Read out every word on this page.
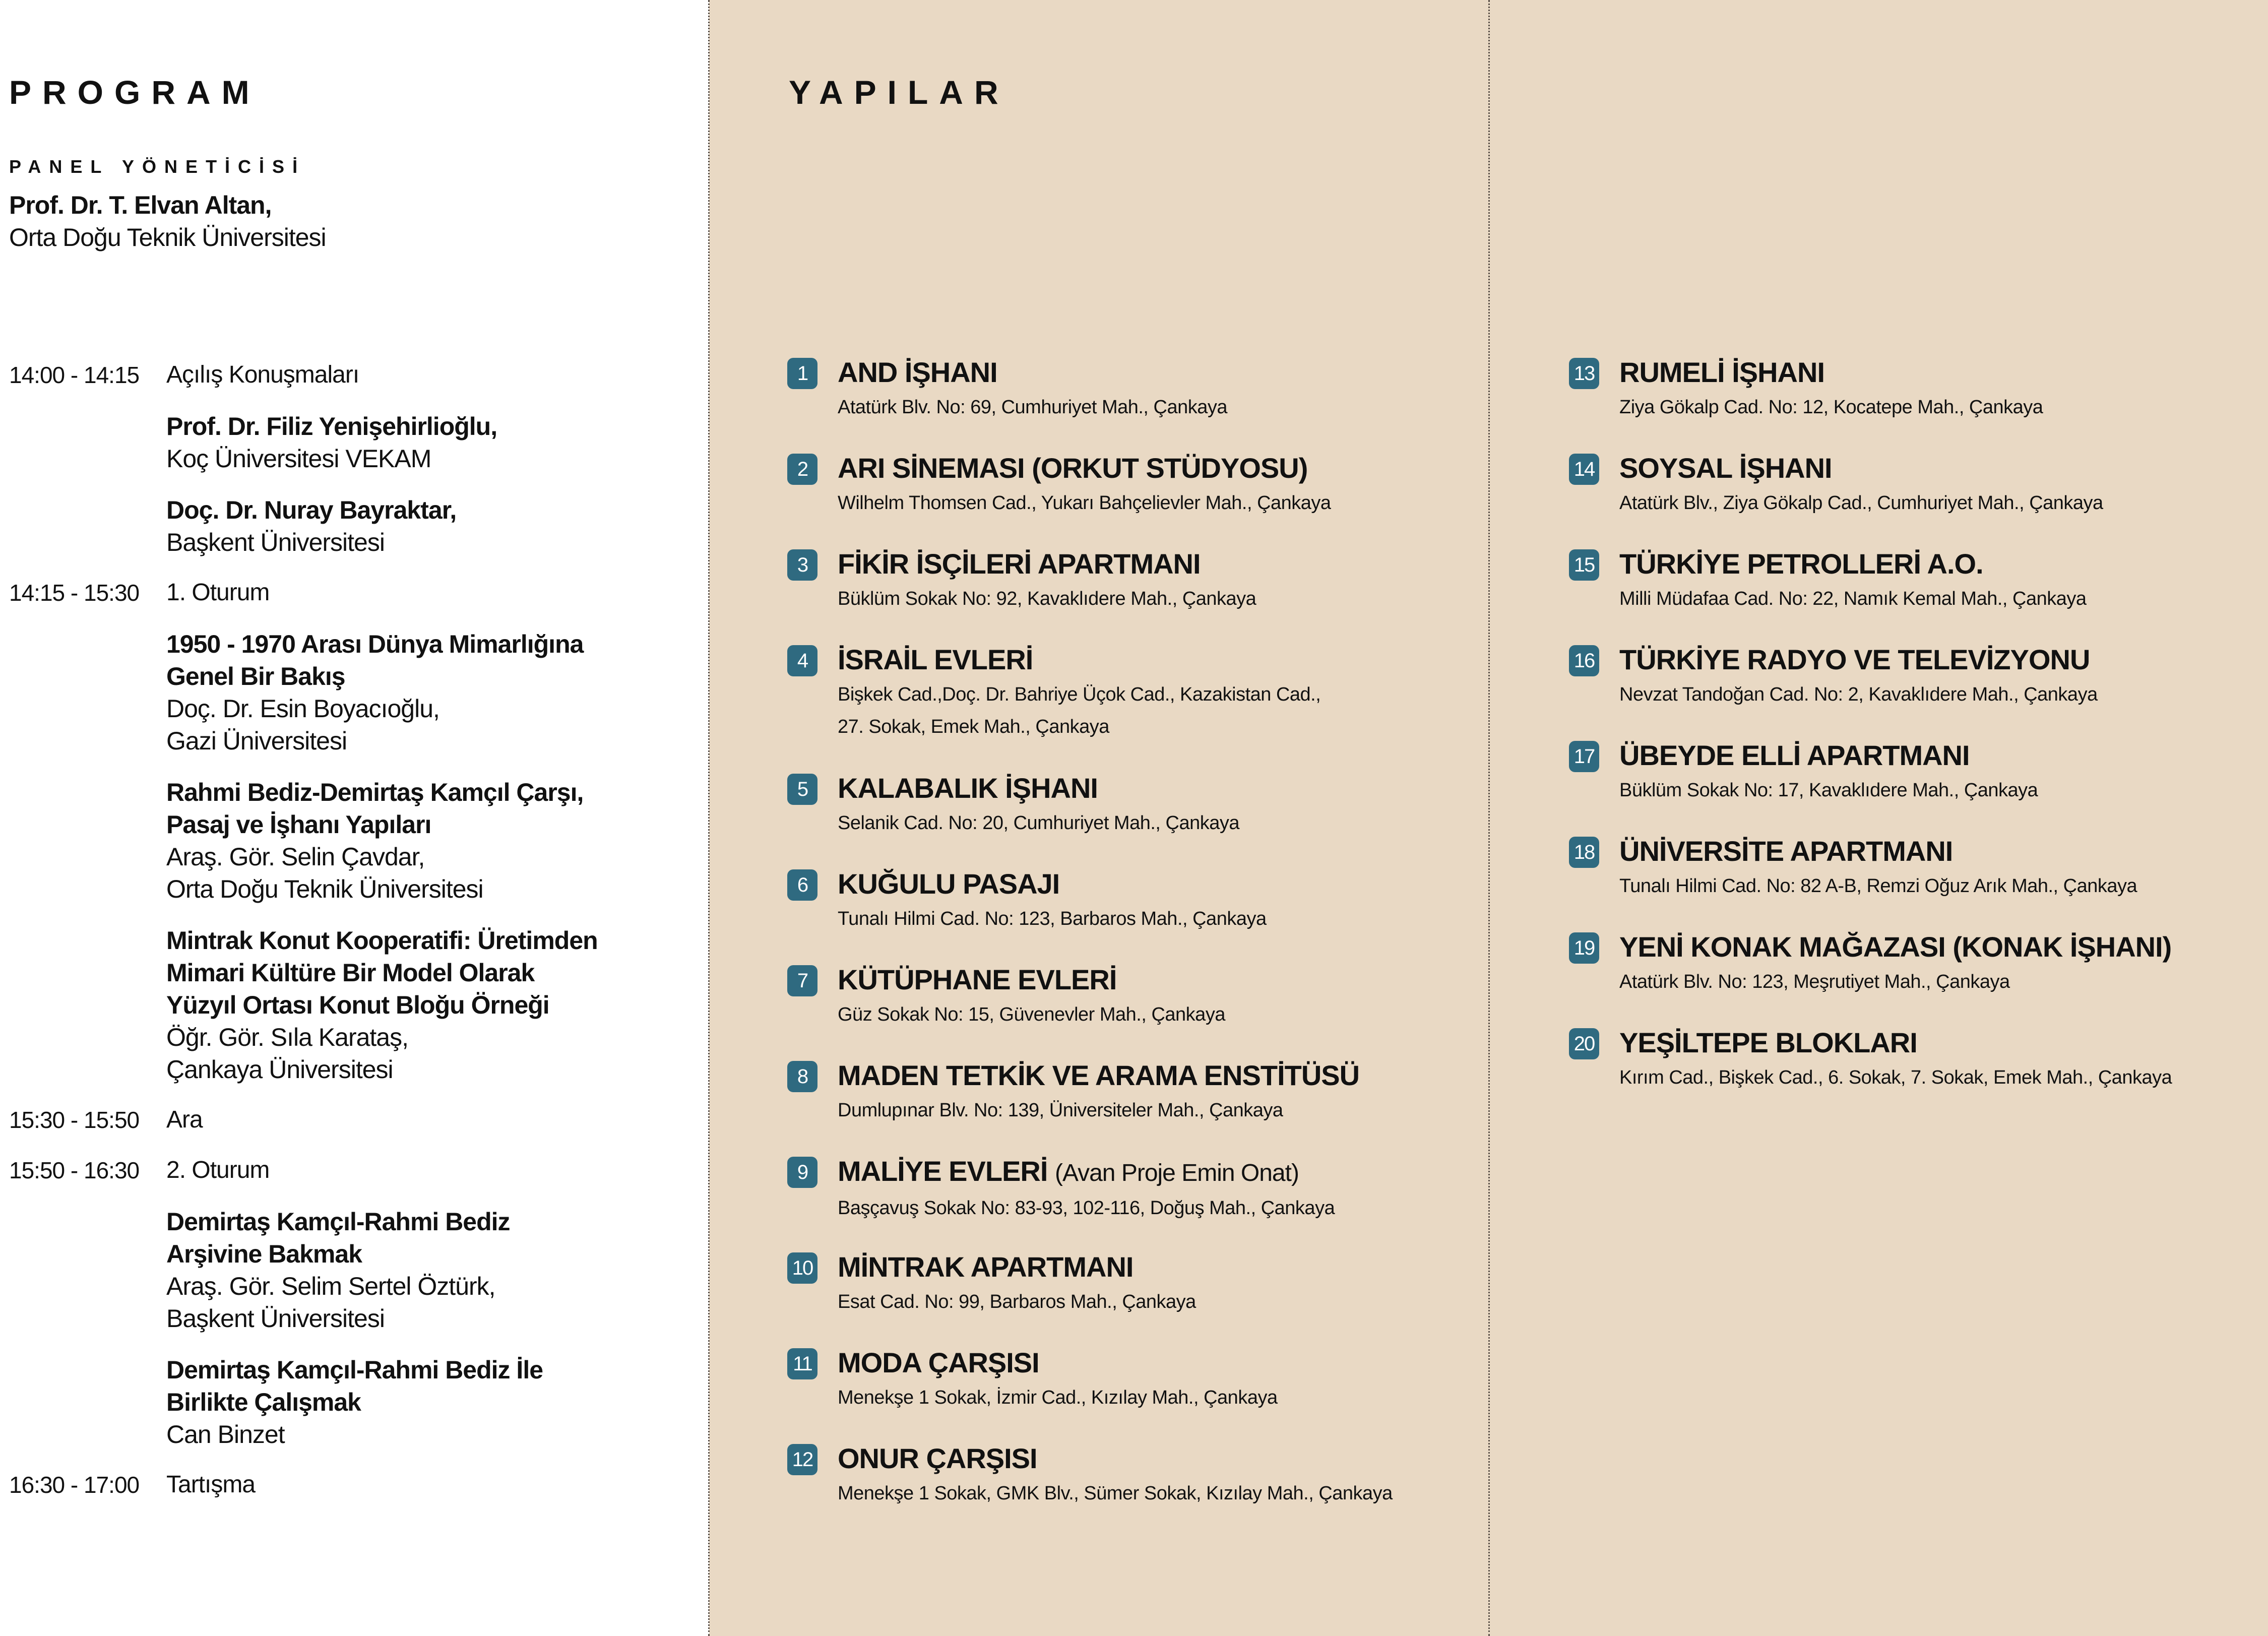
PROGRAM
PANEL YÖNETİCİSİ
Prof. Dr. T. Elvan Altan,
Orta Doğu Teknik Üniversitesi
14:00 - 14:15	Açılış Konuşmaları
Prof. Dr. Filiz Yenişehirlioğlu,
Koç Üniversitesi VEKAM
Doç. Dr. Nuray Bayraktar,
Başkent Üniversitesi
14:15 - 15:30	1. Oturum
1950 - 1970 Arası Dünya Mimarlığına
Genel Bir Bakış
Doç. Dr. Esin Boyacıoğlu,
Gazi Üniversitesi
Rahmi Bediz-Demirtaş Kamçıl Çarşı,
Pasaj ve İşhanı Yapıları
Araş. Gör. Selin Çavdar,
Orta Doğu Teknik Üniversitesi
Mintrak Konut Kooperatifi: Üretimden
Mimari Kültüre Bir Model Olarak
Yüzyıl Ortası Konut Bloğu Örneği
Öğr. Gör. Sıla Karataş,
Çankaya Üniversitesi
15:30 - 15:50	Ara
15:50 - 16:30	2. Oturum
Demirtaş Kamçıl-Rahmi Bediz
Arşivine Bakmak
Araş. Gör. Selim Sertel Öztürk,
Başkent Üniversitesi
Demirtaş Kamçıl-Rahmi Bediz İle
Birlikte Çalışmak
Can Binzet
16:30 - 17:00	Tartışma
YAPILAR
1	AND İŞHANI
Atatürk Blv. No: 69, Cumhuriyet Mah., Çankaya
2	ARI SİNEMASI (ORKUT STÜDYOSU)
Wilhelm Thomsen Cad., Yukarı Bahçelievler Mah., Çankaya
3	FİKİR İSÇİLERİ APARTMANI
Büklüm Sokak No: 92, Kavaklıdere Mah., Çankaya
4	İSRAİL EVLERİ
Bişkek Cad.,Doç. Dr. Bahriye Üçok Cad., Kazakistan Cad.,
27. Sokak, Emek Mah., Çankaya
5	KALABALIK İŞHANI
Selanik Cad. No: 20, Cumhuriyet Mah., Çankaya
6	KUĞULU PASAJI
Tunalı Hilmi Cad. No: 123, Barbaros Mah., Çankaya
7	KÜTÜPHANE EVLERİ
Güz Sokak No: 15, Güvenevler Mah., Çankaya
8	MADEN TETKİK VE ARAMA ENSTİTÜSÜ
Dumlupınar Blv. No: 139, Üniversiteler Mah., Çankaya
9	MALİYE EVLERİ (Avan Proje Emin Onat)
Başçavuş Sokak No: 83-93, 102-116, Doğuş Mah., Çankaya
10 MİNTRAK APARTMANI
Esat Cad. No: 99, Barbaros Mah., Çankaya
11 MODA ÇARŞISI
Menekşe 1 Sokak, İzmir Cad., Kızılay Mah., Çankaya
12 ONUR ÇARŞISI
Menekşe 1 Sokak, GMK Blv., Sümer Sokak, Kızılay Mah., Çankaya
13 RUMELİ İŞHANI
Ziya Gökalp Cad. No: 12, Kocatepe Mah., Çankaya
14 SOYSAL İŞHANI
Atatürk Blv., Ziya Gökalp Cad., Cumhuriyet Mah., Çankaya
15 TÜRKİYE PETROLLERİ A.O.
Milli Müdafaa Cad. No: 22, Namık Kemal Mah., Çankaya
16 TÜRKİYE RADYO VE TELEVİZYONU
Nevzat Tandoğan Cad. No: 2, Kavaklıdere Mah., Çankaya
17 ÜBEYDE ELLİ APARTMANI
Büklüm Sokak No: 17, Kavaklıdere Mah., Çankaya
18 ÜNİVERSİTE APARTMANI
Tunalı Hilmi Cad. No: 82 A-B, Remzi Oğuz Arık Mah., Çankaya
19 YENİ KONAK MAĞAZASI (KONAK İŞHANI)
Atatürk Blv. No: 123, Meşrutiyet Mah., Çankaya
20 YEŞİLTEPE BLOKLARI
Kırım Cad., Bişkek Cad., 6. Sokak, 7. Sokak, Emek Mah., Çankaya
